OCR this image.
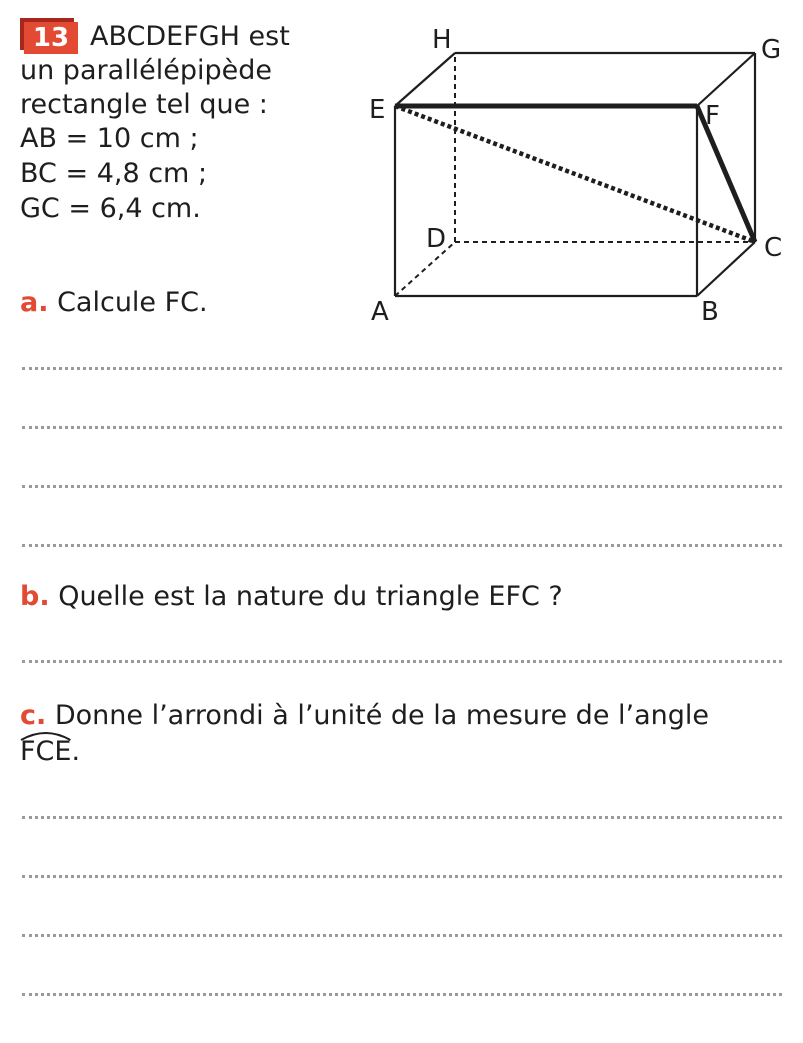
13 ABCDEFGH est
un parallélépipède
rectangle tel que :
AB = 10 cm ;
BC = 4,8 cm ;
GC = 6,4 cm.
H	G
E	F
D	C
A	B
a. Calcule FC.
b. Quelle est la nature du triangle EFC ?
c. Donne l’arrondi à l’unité de la mesure de l’angle
FCE.
